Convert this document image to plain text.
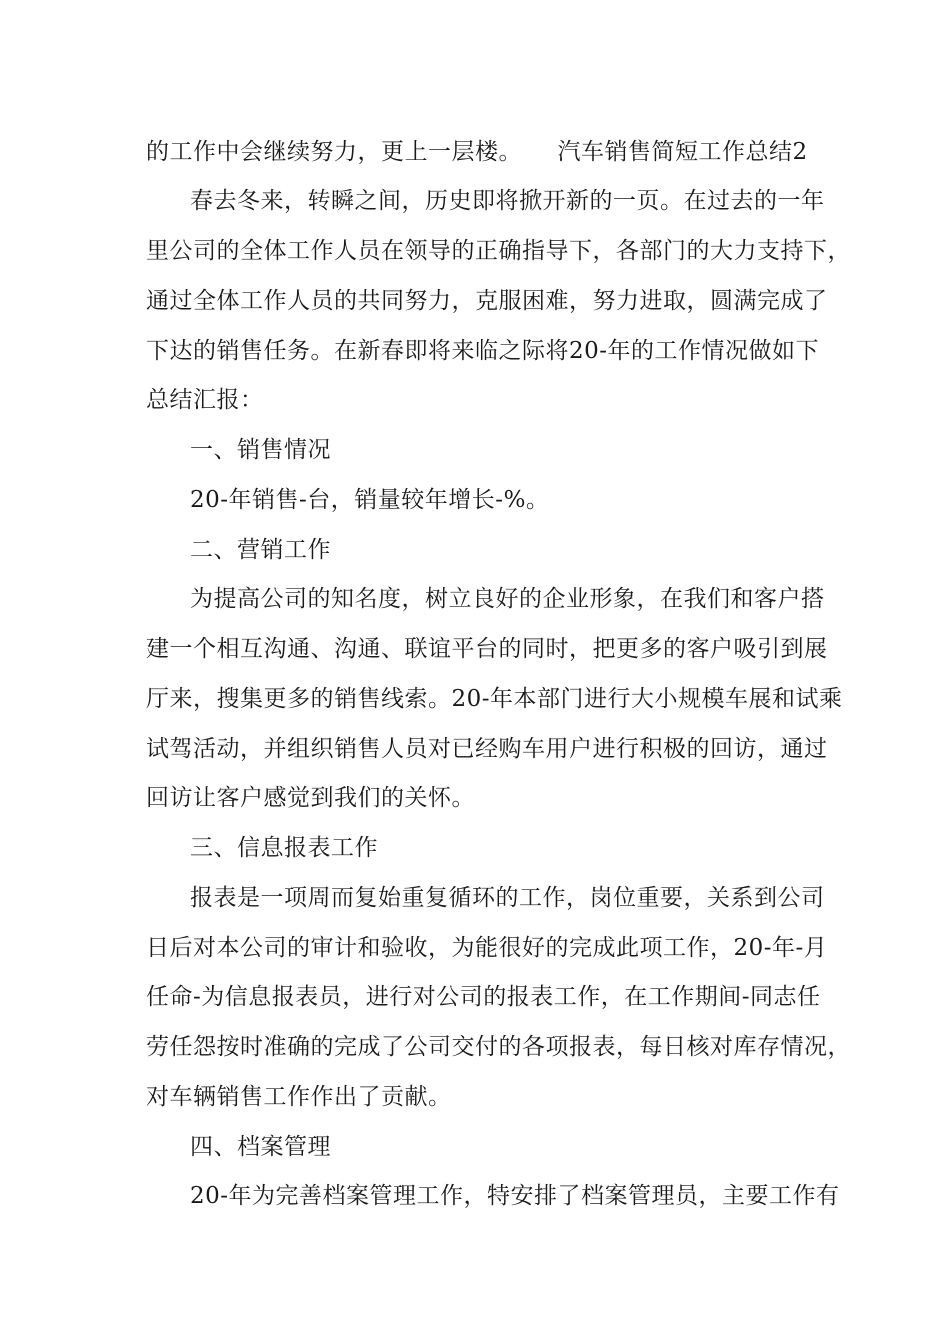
的工作中会继续努力，更上一层楼。　　汽车销售简短工作总结2
春去冬来，转瞬之间，历史即将掀开新的一页。在过去的一年
里公司的全体工作人员在领导的正确指导下，各部门的大力支持下，
通过全体工作人员的共同努力，克服困难，努力进取，圆满完成了
下达的销售任务。在新春即将来临之际将20-年的工作情况做如下
总结汇报：
一、销售情况
20-年销售-台，销量较年增长-%。
二、营销工作
为提高公司的知名度，树立良好的企业形象，在我们和客户搭
建一个相互沟通、沟通、联谊平台的同时，把更多的客户吸引到展
厅来，搜集更多的销售线索。20-年本部门进行大小规模车展和试乘
试驾活动，并组织销售人员对已经购车用户进行积极的回访，通过
回访让客户感觉到我们的关怀。
三、信息报表工作
报表是一项周而复始重复循环的工作，岗位重要，关系到公司
日后对本公司的审计和验收，为能很好的完成此项工作，20-年-月
任命-为信息报表员，进行对公司的报表工作，在工作期间-同志任
劳任怨按时准确的完成了公司交付的各项报表，每日核对库存情况，
对车辆销售工作作出了贡献。
四、档案管理
20-年为完善档案管理工作，特安排了档案管理员，主要工作有
